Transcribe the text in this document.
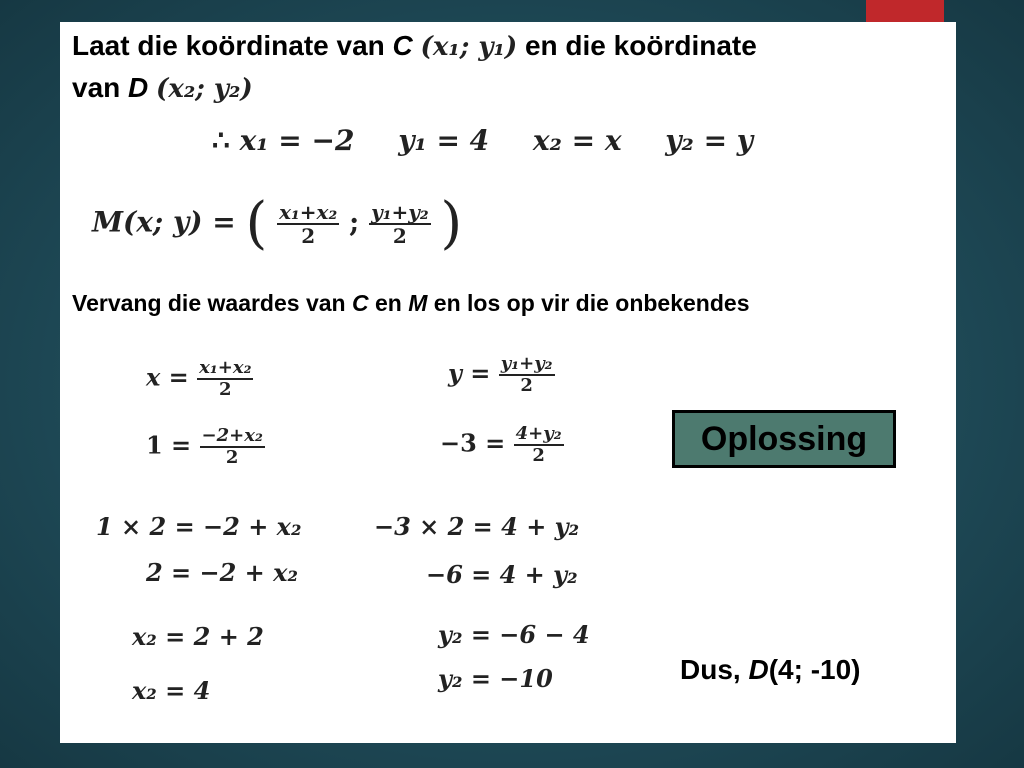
Laat die koördinate van C (x₁; y₁) en die koördinate
van D (x₂; y₂)
∴ x₁ = −2 y₁ = 4 x₂ = x y₂ = y
M(x; y) = ( $\frac{\text{x₁+x₂}}{2}$ ; $\frac{\text{y₁+y₂}}{2}$ )
Vervang die waardes van C en M en los op vir die onbekendes
$x = \frac{\text{x₁+x₂}}{2}$
$1 = \frac{\text{−2+x₂}}{2}$
1 × 2 = −2 + x₂
2 = −2 + x₂
x₂ = 2 + 2
x₂ = 4
$y = \frac{\text{y₁+y₂}}{2}$
$-3 = \frac{\text{4+y₂}}{2}$
−3 × 2 = 4 + y₂
−6 = 4 + y₂
y₂ = −6 − 4
y₂ = −10
Oplossing
Dus, D(4; -10)
